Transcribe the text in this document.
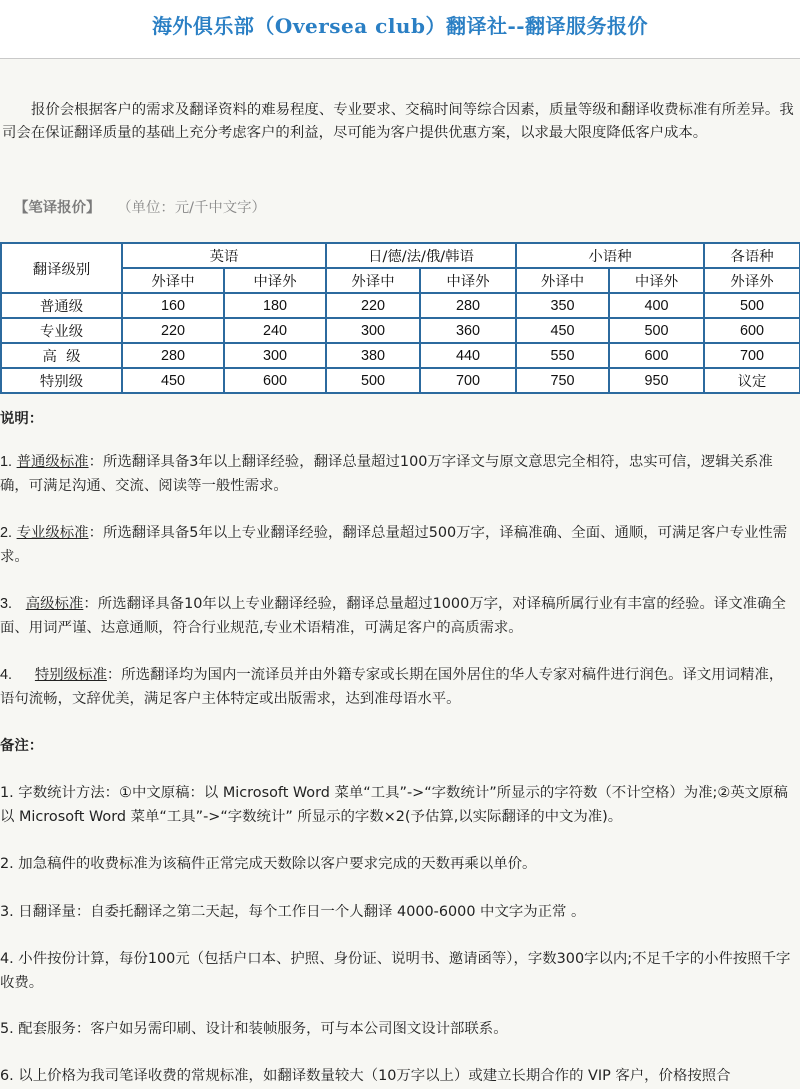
海外俱乐部（Oversea club）翻译社--翻译服务报价
报价会根据客户的需求及翻译资料的难易程度、专业要求、交稿时间等综合因素，质量等级和翻译收费标准有所差异。我司会在保证翻译质量的基础上充分考虑客户的利益，尽可能为客户提供优惠方案，以求最大限度降低客户成本。
【笔译报价】 （单位：元/千中文字）
翻译级别	英语		日/德/法/俄/韩语		小语种		各语种
	外译中	中译外	外译中	中译外	外译中	中译外	外译外
普通级	160	180	220	280	350	400	500
专业级	220	240	300	360	450	500	600
高  级	280	300	380	440	550	600	700
特别级	450	600	500	700	750	950	议定
说明：
1. 普通级标准：所选翻译具备3年以上翻译经验，翻译总量超过100万字译文与原文意思完全相符，忠实可信，逻辑关系准确，可满足沟通、交流、阅读等一般性需求。
2. 专业级标准：所选翻译具备5年以上专业翻译经验，翻译总量超过500万字，译稿准确、全面、通顺，可满足客户专业性需求。
3. 高级标准：所选翻译具备10年以上专业翻译经验，翻译总量超过1000万字，对译稿所属行业有丰富的经验。译文准确全面、用词严谨、达意通顺，符合行业规范,专业术语精准，可满足客户的高质需求。
4. 特别级标准：所选翻译均为国内一流译员并由外籍专家或长期在国外居住的华人专家对稿件进行润色。译文用词精准，语句流畅，文辞优美，满足客户主体特定或出版需求，达到准母语水平。
备注：
1. 字数统计方法：①中文原稿：以 Microsoft Word 菜单“工具”->“字数统计”所显示的字符数（不计空格）为准;②英文原稿以 Microsoft Word 菜单“工具”->“字数统计” 所显示的字数×2(予估算,以实际翻译的中文为准)。
2. 加急稿件的收费标准为该稿件正常完成天数除以客户要求完成的天数再乘以单价。
3. 日翻译量：自委托翻译之第二天起，每个工作日一个人翻译 4000-6000 中文字为正常 。
4. 小件按份计算，每份100元（包括户口本、护照、身份证、说明书、邀请函等），字数300字以内;不足千字的小件按照千字收费。
5. 配套服务：客户如另需印刷、设计和装帧服务，可与本公司图文设计部联系。
6. 以上价格为我司笔译收费的常规标准，如翻译数量较大（10万字以上）或建立长期合作的 VIP 客户，价格按照合
